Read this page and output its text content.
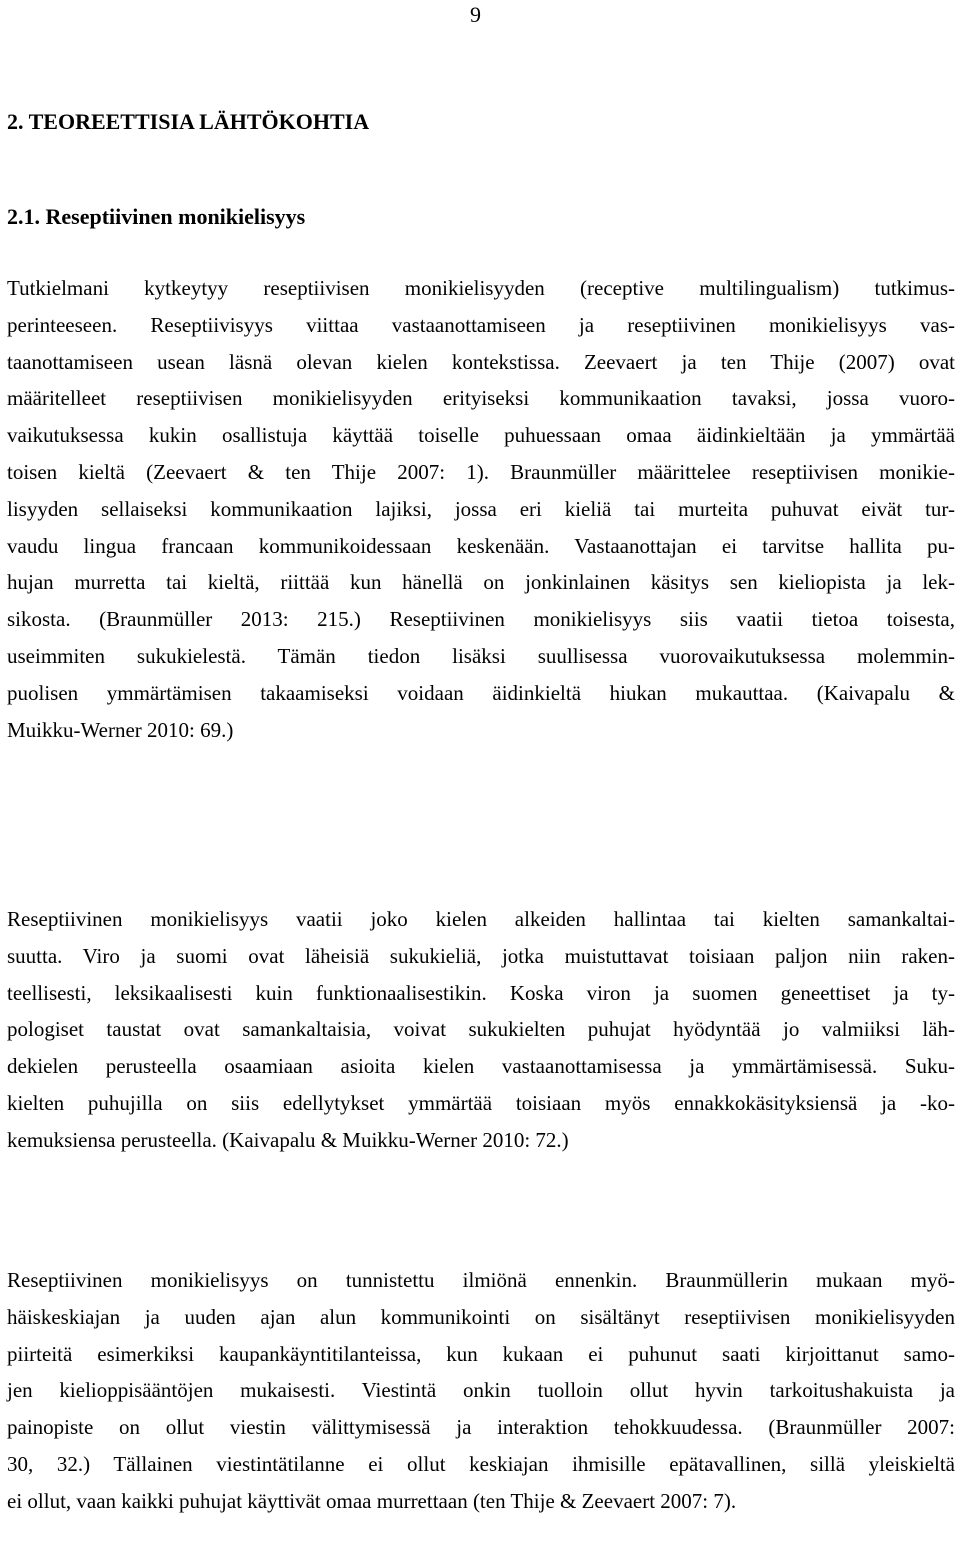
9
2. TEOREETTISIA LÄHTÖKOHTIA
2.1. Reseptiivinen monikielisyys
Tutkielmani kytkeytyy reseptiivisen monikielisyyden (receptive multilingualism) tutkimus-
perinteeseen. Reseptiivisyys viittaa vastaanottamiseen ja reseptiivinen monikielisyys vas-
taanottamiseen usean läsnä olevan kielen kontekstissa. Zeevaert ja ten Thije (2007) ovat
määritelleet reseptiivisen monikielisyyden erityiseksi kommunikaation tavaksi, jossa vuoro-
vaikutuksessa kukin osallistuja käyttää toiselle puhuessaan omaa äidinkieltään ja ymmärtää
toisen kieltä (Zeevaert & ten Thije 2007: 1). Braunmüller määrittelee reseptiivisen monikie-
lisyyden sellaiseksi kommunikaation lajiksi, jossa eri kieliä tai murteita puhuvat eivät tur-
vaudu lingua francaan kommunikoidessaan keskenään. Vastaanottajan ei tarvitse hallita pu-
hujan murretta tai kieltä, riittää kun hänellä on jonkinlainen käsitys sen kieliopista ja lek-
sikosta. (Braunmüller 2013: 215.) Reseptiivinen monikielisyys siis vaatii tietoa toisesta,
useimmiten sukukielestä. Tämän tiedon lisäksi suullisessa vuorovaikutuksessa molemmin-
puolisen ymmärtämisen takaamiseksi voidaan äidinkieltä hiukan mukauttaa. (Kaivapalu &
Muikku-Werner 2010: 69.)
Reseptiivinen monikielisyys vaatii joko kielen alkeiden hallintaa tai kielten samankaltai-
suutta. Viro ja suomi ovat läheisiä sukukieliä, jotka muistuttavat toisiaan paljon niin raken-
teellisesti, leksikaalisesti kuin funktionaalisestikin. Koska viron ja suomen geneettiset ja ty-
pologiset taustat ovat samankaltaisia, voivat sukukielten puhujat hyödyntää jo valmiiksi läh-
dekielen perusteella osaamiaan asioita kielen vastaanottamisessa ja ymmärtämisessä. Suku-
kielten puhujilla on siis edellytykset ymmärtää toisiaan myös ennakkokäsityksiensä ja -ko-
kemuksiensa perusteella. (Kaivapalu & Muikku-Werner 2010: 72.)
Reseptiivinen monikielisyys on tunnistettu ilmiönä ennenkin. Braunmüllerin mukaan myö-
häiskeskiajan ja uuden ajan alun kommunikointi on sisältänyt reseptiivisen monikielisyyden
piirteitä esimerkiksi kaupankäyntitilanteissa, kun kukaan ei puhunut saati kirjoittanut samo-
jen kielioppisääntöjen mukaisesti. Viestintä onkin tuolloin ollut hyvin tarkoitushakuista ja
painopiste on ollut viestin välittymisessä ja interaktion tehokkuudessa. (Braunmüller 2007:
30, 32.) Tällainen viestintätilanne ei ollut keskiajan ihmisille epätavallinen, sillä yleiskieltä
ei ollut, vaan kaikki puhujat käyttivät omaa murrettaan (ten Thije & Zeevaert 2007: 7).
